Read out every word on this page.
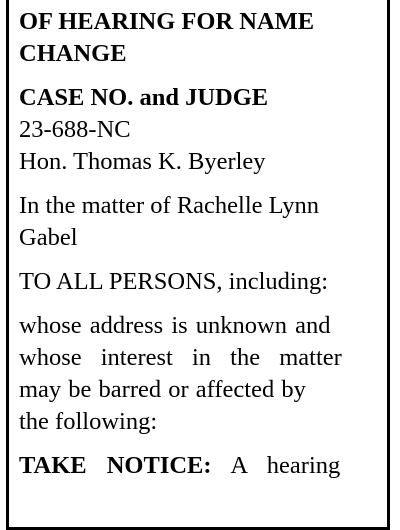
OF HEARING FOR NAME
CHANGE
CASE NO. and JUDGE
23-688-NC
Hon. Thomas K. Byerley
In the matter of Rachelle Lynn
Gabel
TO ALL PERSONS, including:
whose address is unknown and
whose interest in the matter
may be barred or affected by
the following:
TAKE NOTICE: A hearing
